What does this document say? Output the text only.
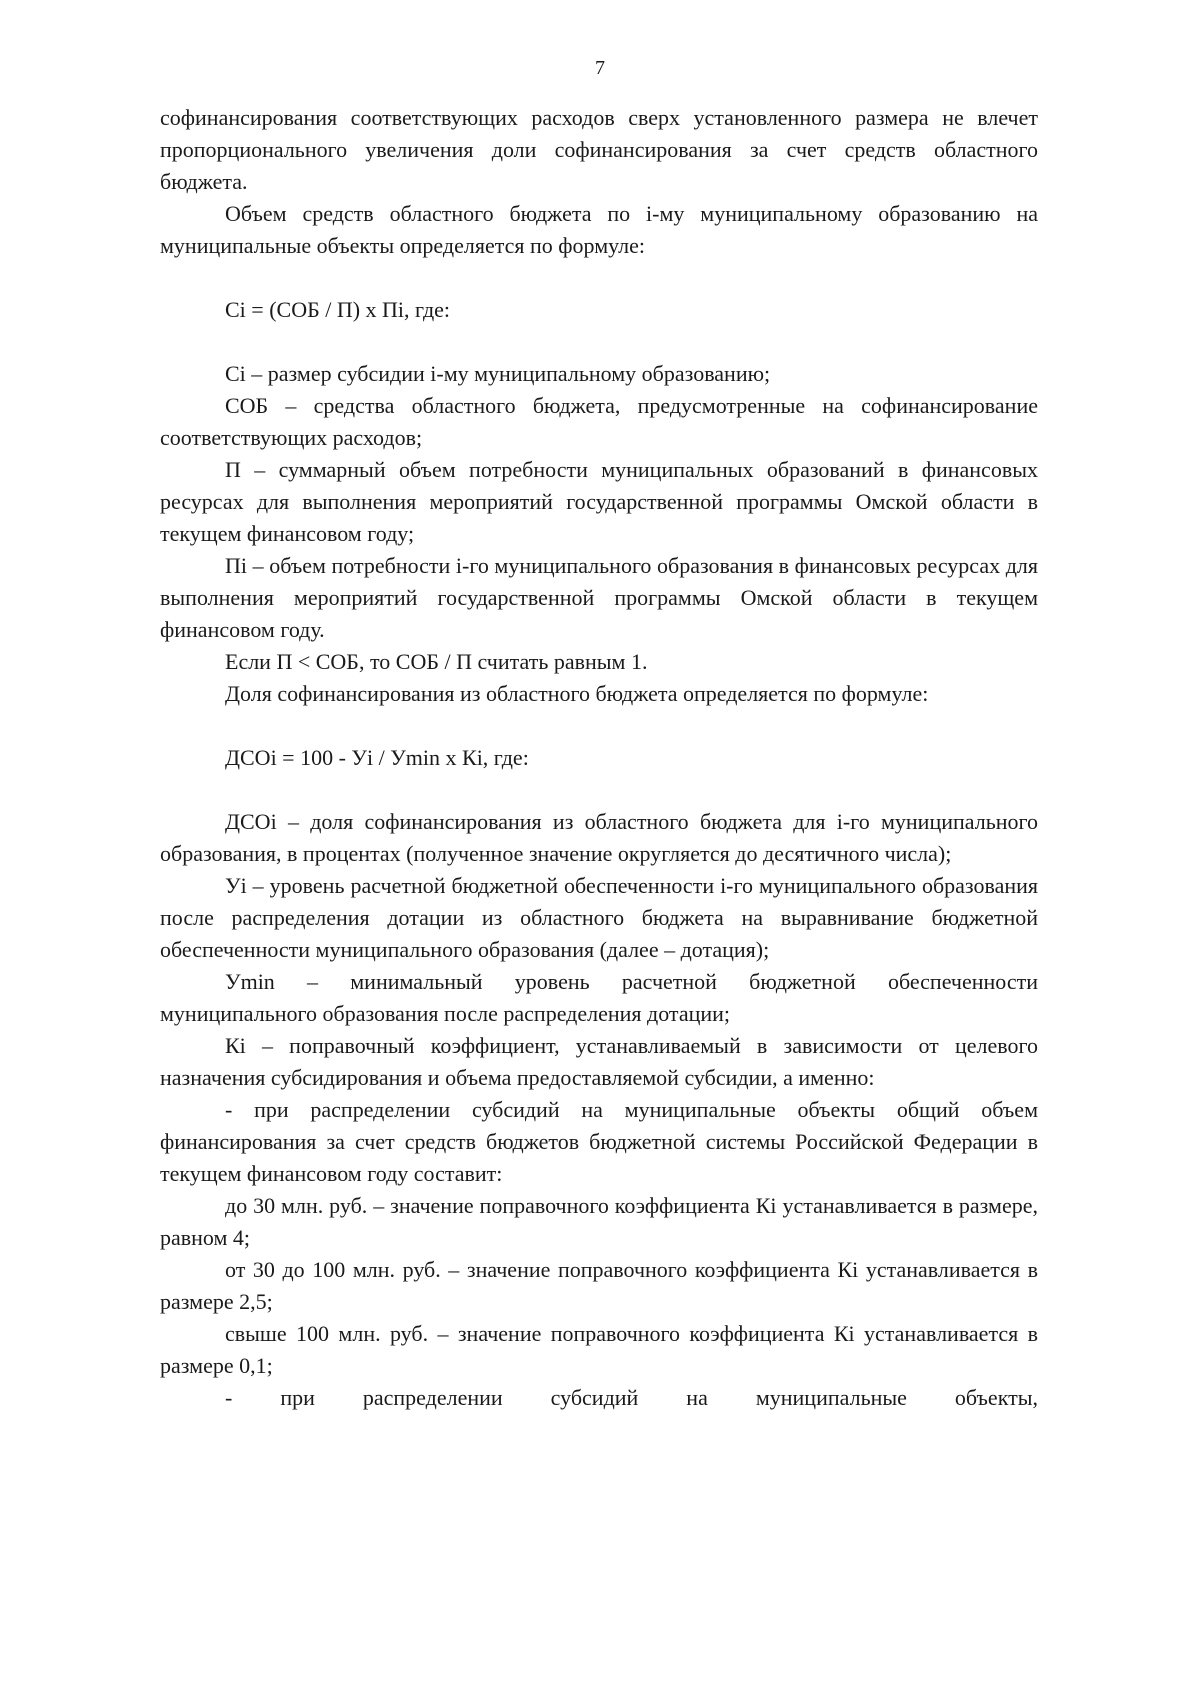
7

софинансирования соответствующих расходов сверх установленного размера не влечет пропорционального увеличения доли софинансирования за счет средств областного бюджета.

Объем средств областного бюджета по i-му муниципальному образованию на муниципальные объекты определяется по формуле:

Ci = (СОБ / П) х Пi, где:

Ci – размер субсидии i-му муниципальному образованию;

СОБ – средства областного бюджета, предусмотренные на софинансирование соответствующих расходов;

П – суммарный объем потребности муниципальных образований в финансовых ресурсах для выполнения мероприятий государственной программы Омской области в текущем финансовом году;

Пi – объем потребности i-го муниципального образования в финансовых ресурсах для выполнения мероприятий государственной программы Омской области в текущем финансовом году.

Если П < СОБ, то СОБ / П считать равным 1.

Доля софинансирования из областного бюджета определяется по формуле:

ДСОi = 100 - Уi / Уmin х Кi, где:

ДСОi – доля софинансирования из областного бюджета для i-го муниципального образования, в процентах (полученное значение округляется до десятичного числа);

Уi – уровень расчетной бюджетной обеспеченности i-го муниципального образования после распределения дотации из областного бюджета на выравнивание бюджетной обеспеченности муниципального образования (далее – дотация);

Уmin – минимальный уровень расчетной бюджетной обеспеченности муниципального образования после распределения дотации;

Кi – поправочный коэффициент, устанавливаемый в зависимости от целевого назначения субсидирования и объема предоставляемой субсидии, а именно:

- при распределении субсидий на муниципальные объекты общий объем финансирования за счет средств бюджетов бюджетной системы Российской Федерации в текущем финансовом году составит:

до 30 млн. руб. – значение поправочного коэффициента Кi устанавливается в размере, равном 4;

от 30 до 100 млн. руб. – значение поправочного коэффициента Кi устанавливается в размере 2,5;

свыше 100 млн. руб. – значение поправочного коэффициента Кi устанавливается в размере 0,1;

- при распределении субсидий на муниципальные объекты,
